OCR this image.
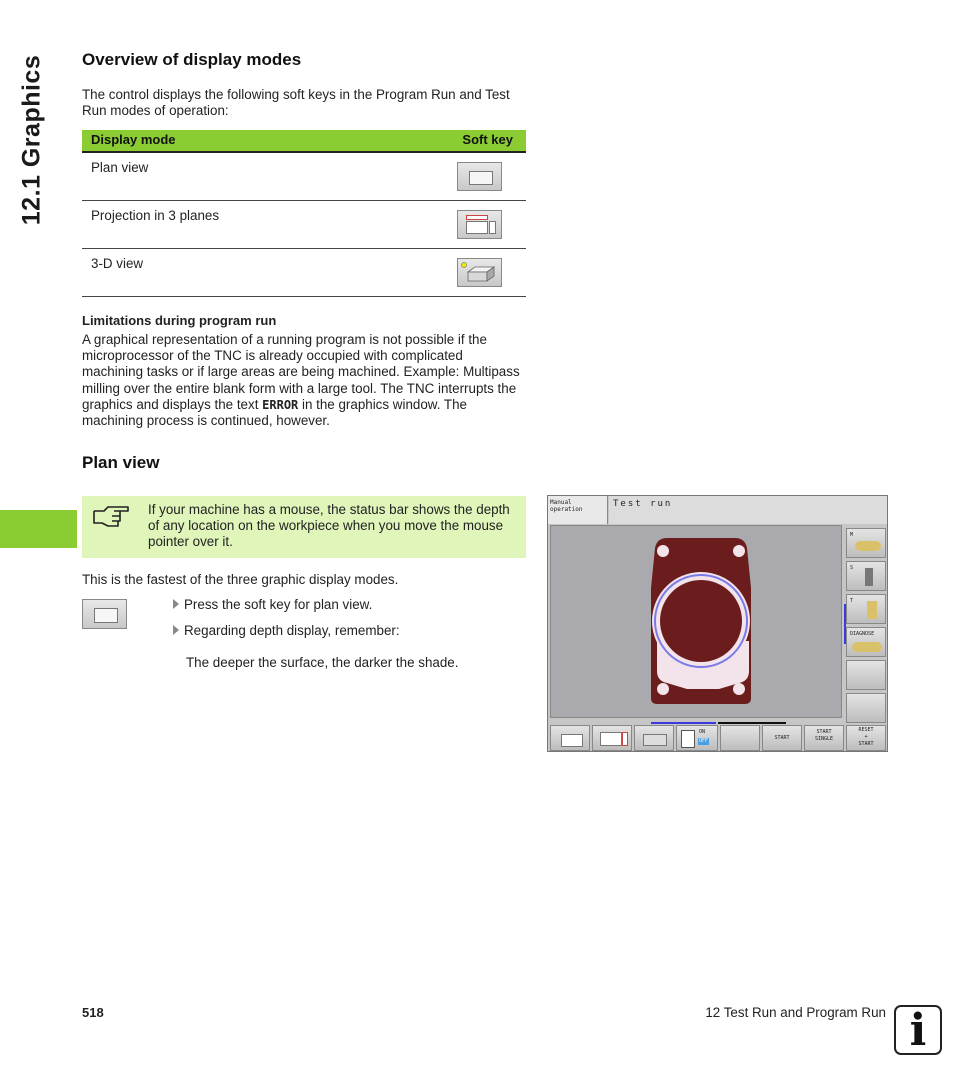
12.1 Graphics Overview of display modes

The control displays the following soft keys in the Program Run and Test Run modes of operation:

Display mode	Soft key
Plan view
Projection in 3 planes
3-D view

Limitations during program run

A graphical representation of a running program is not possible if the microprocessor of the TNC is already occupied with complicated machining tasks or if large areas are being machined. Example: Multipass milling over the entire blank form with a large tool. The TNC interrupts the graphics and displays the text ERROR in the graphics window. The machining process is continued, however.

Plan view

If your machine has a mouse, the status bar shows the depth of any location on the workpiece when you move the mouse pointer over it.

This is the fastest of the three graphic display modes.

Press the soft key for plan view.
Regarding depth display, remember:

The deeper the surface, the darker the shade.

Manual
operation
Test run
M
S
T
DIAGNOSE
ON
OFF	START
START
SINGLE
RESET
+
START
518	12 Test Run and Program Run i
